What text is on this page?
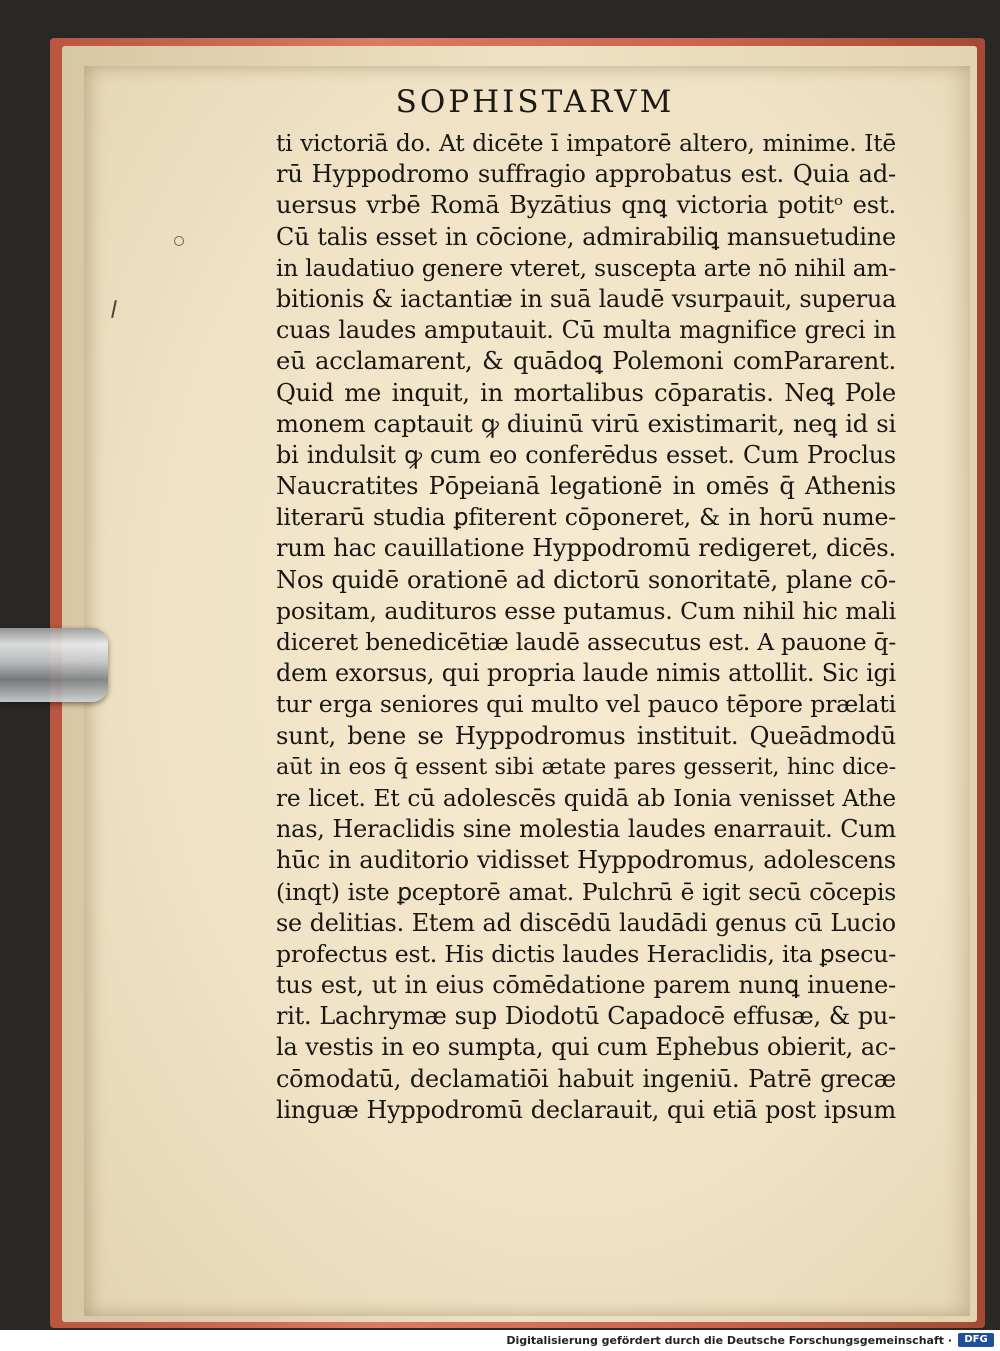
SOPHISTARVM
ti victoriā do. At dicēte ī impatorē altero, minime. Itē
rū Hyppodromo suffragio approbatus est. Quia ad-
uersus vrbē Romā Byzātius qnꝗ victoria potitᵒ est.
Cū talis esset in cōcione, admirabiliꝗ mansuetudine
in laudatiuo genere vteret, suscepta arte nō nihil am-
bitionis & iactantiæ in suā laudē vsurpauit, superua
cuas laudes amputauit. Cū multa magnifice greci in
eū acclamarent, & quādoꝗ Polemoni comPararent.
Quid me inquit, in mortalibus cōparatis. Neꝗ Pole
monem captauit ꝙ diuinū virū existimarit, neꝗ id si
bi indulsit ꝙ cum eo conferēdus esset. Cum Proclus
Naucratites Pōpeianā legationē in omēs q̄ Athenis
literarū studia ꝑfiterent cōponeret, & in horū nume-
rum hac cauillatione Hyppodromū redigeret, dicēs.
Nos quidē orationē ad dictorū sonoritatē, plane cō-
positam, audituros esse putamus. Cum nihil hic mali
diceret benedicētiæ laudē assecutus est. A pauone q̄-
dem exorsus, qui propria laude nimis attollit. Sic igi
tur erga seniores qui multo vel pauco tēpore prælati
sunt, bene se Hyppodromus instituit. Queādmodū
aūt in eos q̄ essent sibi ætate pares gesserit, hinc dice-
re licet. Et cū adolescēs quidā ab Ionia venisset Athe
nas, Heraclidis sine molestia laudes enarrauit. Cum
hūc in auditorio vidisset Hyppodromus, adolescens
(inqt) iste ꝑceptorē amat. Pulchrū ē igit secū cōcepis
se delitias. Etem ad discēdū laudādi genus cū Lucio
profectus est. His dictis laudes Heraclidis, ita ꝑsecu-
tus est, ut in eius cōmēdatione parem nunꝗ inuene-
rit. Lachrymæ sup Diodotū Capadocē effusæ, & pu-
la vestis in eo sumpta, qui cum Ephebus obierit, ac-
cōmodatū, declamatiōi habuit ingeniū. Patrē grecæ
linguæ Hyppodromū declarauit, qui etiā post ipsum
Digitalisierung gefördert durch die Deutsche Forschungsgemeinschaft ·	DFG
